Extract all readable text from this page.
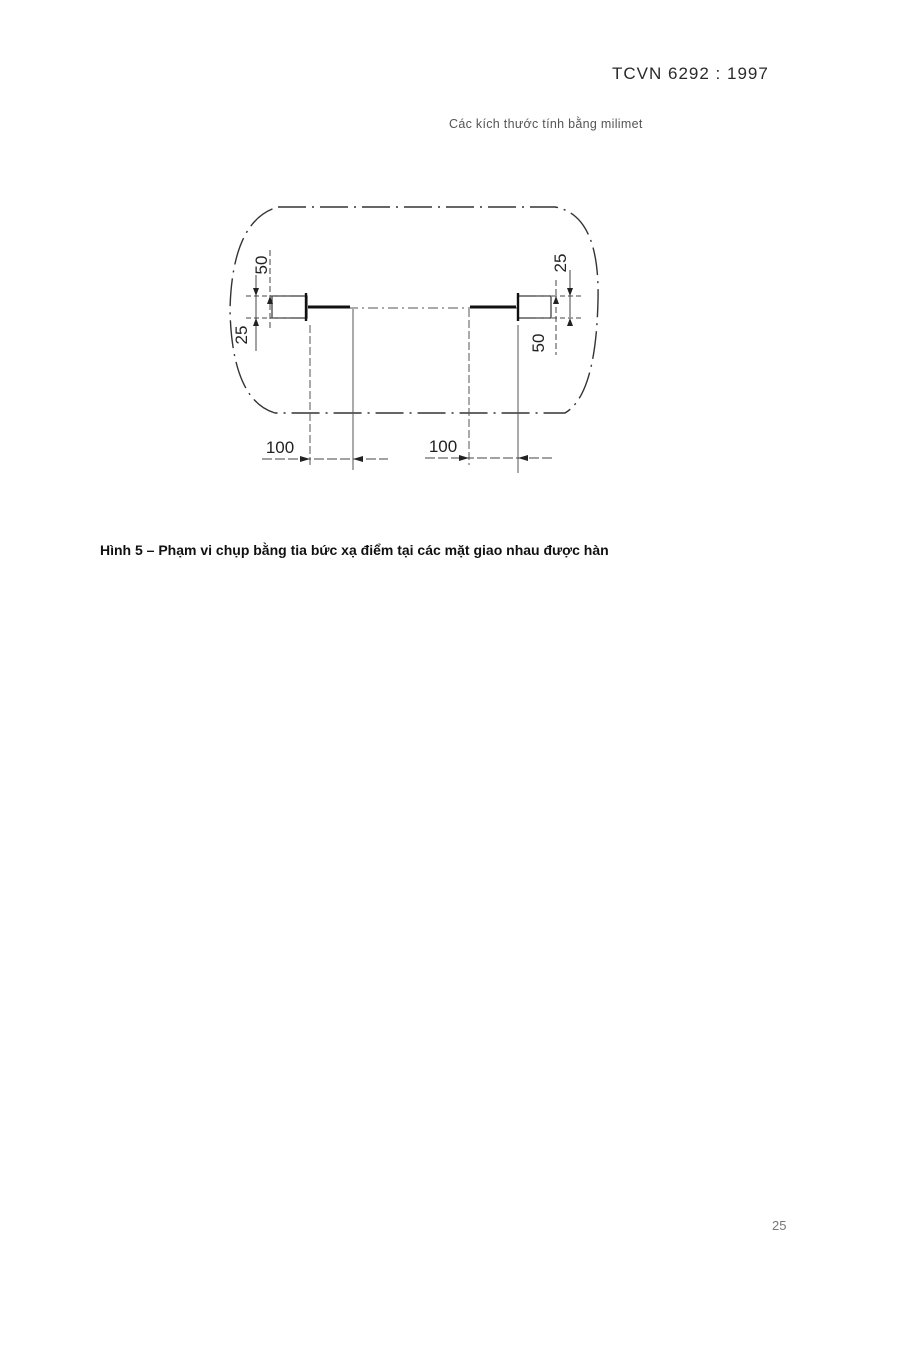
TCVN 6292 : 1997
Các kích thước tính bằng milimet
50
25
25
50
100	100
Hình 5 – Phạm vi chụp bằng tia bức xạ điểm tại các mặt giao nhau được hàn
25
